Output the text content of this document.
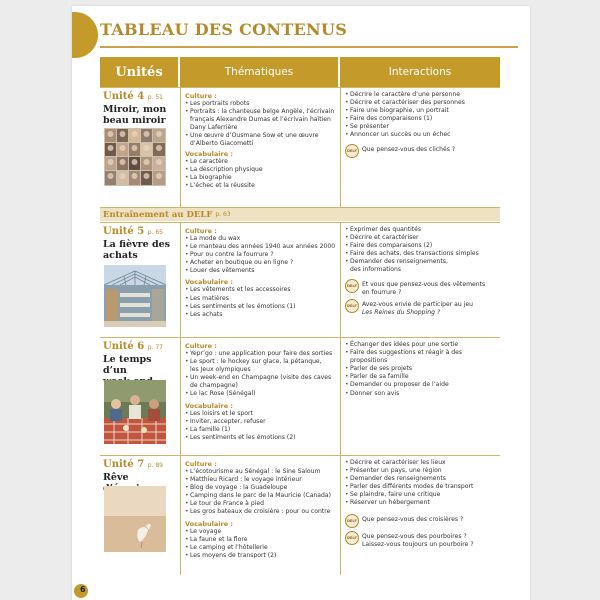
TABLEAU DES CONTENUS
Unités	Thématiques	Interactions
Unité 4 p. 51
Miroir, mon
beau miroir
Culture :
• Les portraits robots
• Portraits : la chanteuse belge Angèle, l’écrivain
français Alexandre Dumas et l’écrivain haïtien
Dany Laferrière
• Une œuvre d’Ousmane Sow et une œuvre
d’Alberto Giacometti
Vocabulaire :
• Le caractère
• La description physique
• La biographie
• L’échec et la réussite
• Décrire le caractère d’une personne
• Décrire et caractériser des personnes
• Faire une biographie, un portrait
• Faire des comparaisons (1)
• Se présenter
• Annoncer un succès ou un échec
DELF Que pensez-vous des clichés ?
Entraînement au DELF p. 63
Unité 5 p. 65
La fièvre des
achats
Culture :
• La mode du wax
• Le manteau des années 1940 aux années 2000
• Pour ou contre la fourrure ?
• Acheter en boutique ou en ligne ?
• Louer des vêtements
Vocabulaire :
• Les vêtements et les accessoires
• Les matières
• Les sentiments et les émotions (1)
• Les achats
• Exprimer des quantités
• Décrire et caractériser
• Faire des comparaisons (2)
• Faire des achats, des transactions simples
• Demander des renseignements,
des informations
DELF Et vous que pensez-vous des vêtements
en fourrure ?
DELF Avez-vous envie de participer au jeu
Les Reines du Shopping ?
Unité 6 p. 77
Le temps d’un
Culture :
• Yepr’go : une application pour faire des sorties
• Le sport : le hockey sur glace, la pétanque,
les Jeux olympiques
• Un week-end en Champagne (visite des caves
de champagne)
• Le lac Rose (Sénégal)
Vocabulaire :
• Les loisirs et le sport
• Inviter, accepter, refuser
• La famille (1)
• Les sentiments et les émotions (2)
• Échanger des idées pour une sortie
• Faire des suggestions et réagir à des
propositions
• Parler de ses projets
• Parler de sa famille
• Demander ou proposer de l’aide
• Donner son avis
Unité 7 p. 89
Rêve
Culture :
• L’écotourisme au Sénégal : le Sine Saloum
• Matthieu Ricard : le voyage intérieur
• Blog de voyage : la Guadeloupe
• Camping dans le parc de la Mauricie (Canada)
• Le tour de France à pied
• Les gros bateaux de croisière : pour ou contre
Vocabulaire :
• Le voyage
• La faune et la flore
• Le camping et l’hôtellerie
• Les moyens de transport (2)
• Décrire et caractériser les lieux
• Présenter un pays, une région
• Demander des renseignements
• Parler des différents modes de transport
• Se plaindre, faire une critique
• Réserver un hébergement
DELF Que pensez-vous des croisières ?
DELF Que pensez-vous des pourboires ?
Laissez-vous toujours un pourboire ?
6
